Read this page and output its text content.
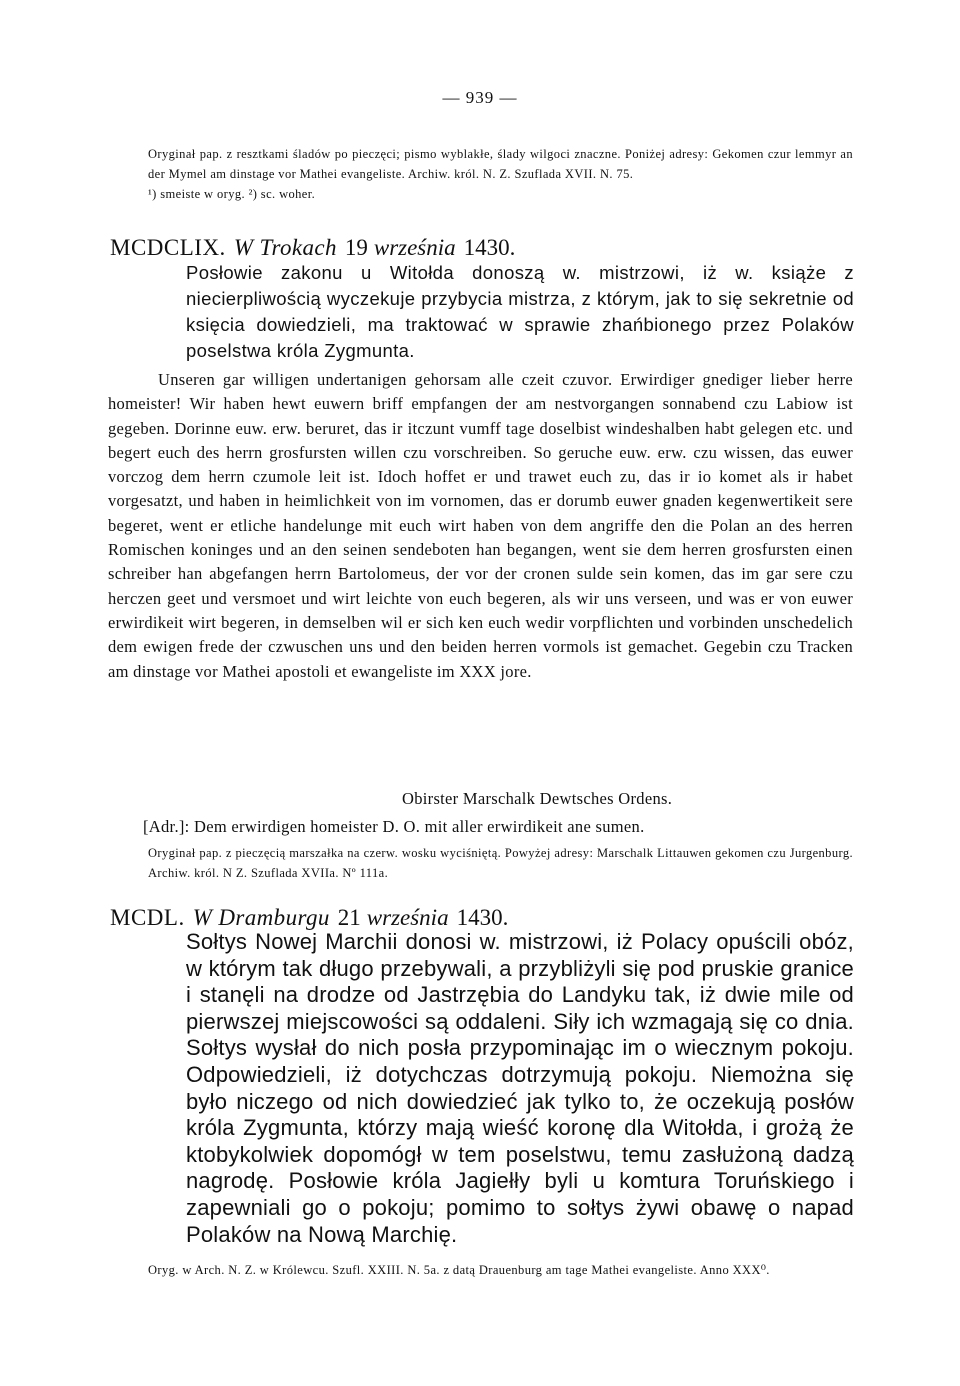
— 939 —

Oryginał pap. z resztkami śladów po pieczęci; pismo wyblakłe, ślady wilgoci znaczne. Poniżej adresy: Gekomen czur lemmyr an der Mymel am dinstage vor Mathei evangeliste. Archiw. król. N. Z. Szuflada XVII. N. 75.

¹) smeiste w oryg. ²) sc. woher.

MCDCLIX. W Trokach 19 września 1430.
Posłowie zakonu u Witołda donoszą w. mistrzowi, iż w. książe z niecierpliwością wyczekuje przybycia mistrza, z którym, jak to się sekretnie od księcia dowiedzieli, ma traktować w sprawie zhańbionego przez Polaków poselstwa króla Zygmunta.

Unseren gar willigen undertanigen gehorsam alle czeit czuvor. Erwirdiger gnediger lieber herre homeister! Wir haben hewt euwern briff empfangen der am nestvorgangen sonnabend czu Labiow ist gegeben. Dorinne euw. erw. beruret, das ir itczunt vumff tage doselbist windeshalben habt gelegen etc. und begert euch des herrn grosfursten willen czu vorschreiben. So geruche euw. erw. czu wissen, das euwer vorczog dem herrn czumole leit ist. Idoch hoffet er und trawet euch zu, das ir io komet als ir habet vorgesatzt, und haben in heimlichkeit von im vornomen, das er dorumb euwer gnaden kegenwertikeit sere begeret, went er etliche handelunge mit euch wirt haben von dem angriffe den die Polan an des herren Romischen koninges und an den seinen sendeboten han begangen, went sie dem herren grosfursten einen schreiber han abgefangen herrn Bartolomeus, der vor der cronen sulde sein komen, das im gar sere czu herczen geet und versmoet und wirt leichte von euch begeren, als wir uns verseen, und was er von euwer erwirdikeit wirt begeren, in demselben wil er sich ken euch wedir vorpflichten und vorbinden unschedelich dem ewigen frede der czwuschen uns und den beiden herren vormols ist gemachet. Gegebin czu Tracken am dinstage vor Mathei apostoli et ewangeliste im XXX jore.

Obirster Marschalk Dewtsches Ordens.
[Adr.]: Dem erwirdigen homeister D. O. mit aller erwirdikeit ane sumen.

Oryginał pap. z pieczęcią marszałka na czerw. wosku wyciśniętą. Powyżej adresy: Marschalk Littauwen gekomen czu Jurgenburg. Archiw. król. N Z. Szuflada XVIIa. Nº 111a.

MCDL. W Dramburgu 21 września 1430.
Sołtys Nowej Marchii donosi w. mistrzowi, iż Polacy opuścili obóz, w którym tak długo przebywali, a przybliżyli się pod pruskie granice i stanęli na drodze od Jastrzębia do Landyku tak, iż dwie mile od pierwszej miejscowości są oddaleni. Siły ich wzmagają się co dnia. Sołtys wysłał do nich posła przypominając im o wiecznym pokoju. Odpowiedzieli, iż dotychczas dotrzymują pokoju. Niemożna się było niczego od nich dowiedzieć jak tylko to, że oczekują posłów króla Zygmunta, którzy mają wieść koronę dla Witołda, i grożą że ktobykolwiek dopomógł w tem poselstwu, temu zasłużoną dadzą nagrodę. Posłowie króla Jagiełły byli u komtura Toruńskiego i zapewniali go o pokoju; pomimo to sołtys żywi obawę o napad Polaków na Nową Marchię.

Oryg. w Arch. N. Z. w Królewcu. Szufl. XXIII. N. 5a. z datą Drauenburg am tage Mathei evangeliste. Anno XXX⁰.
